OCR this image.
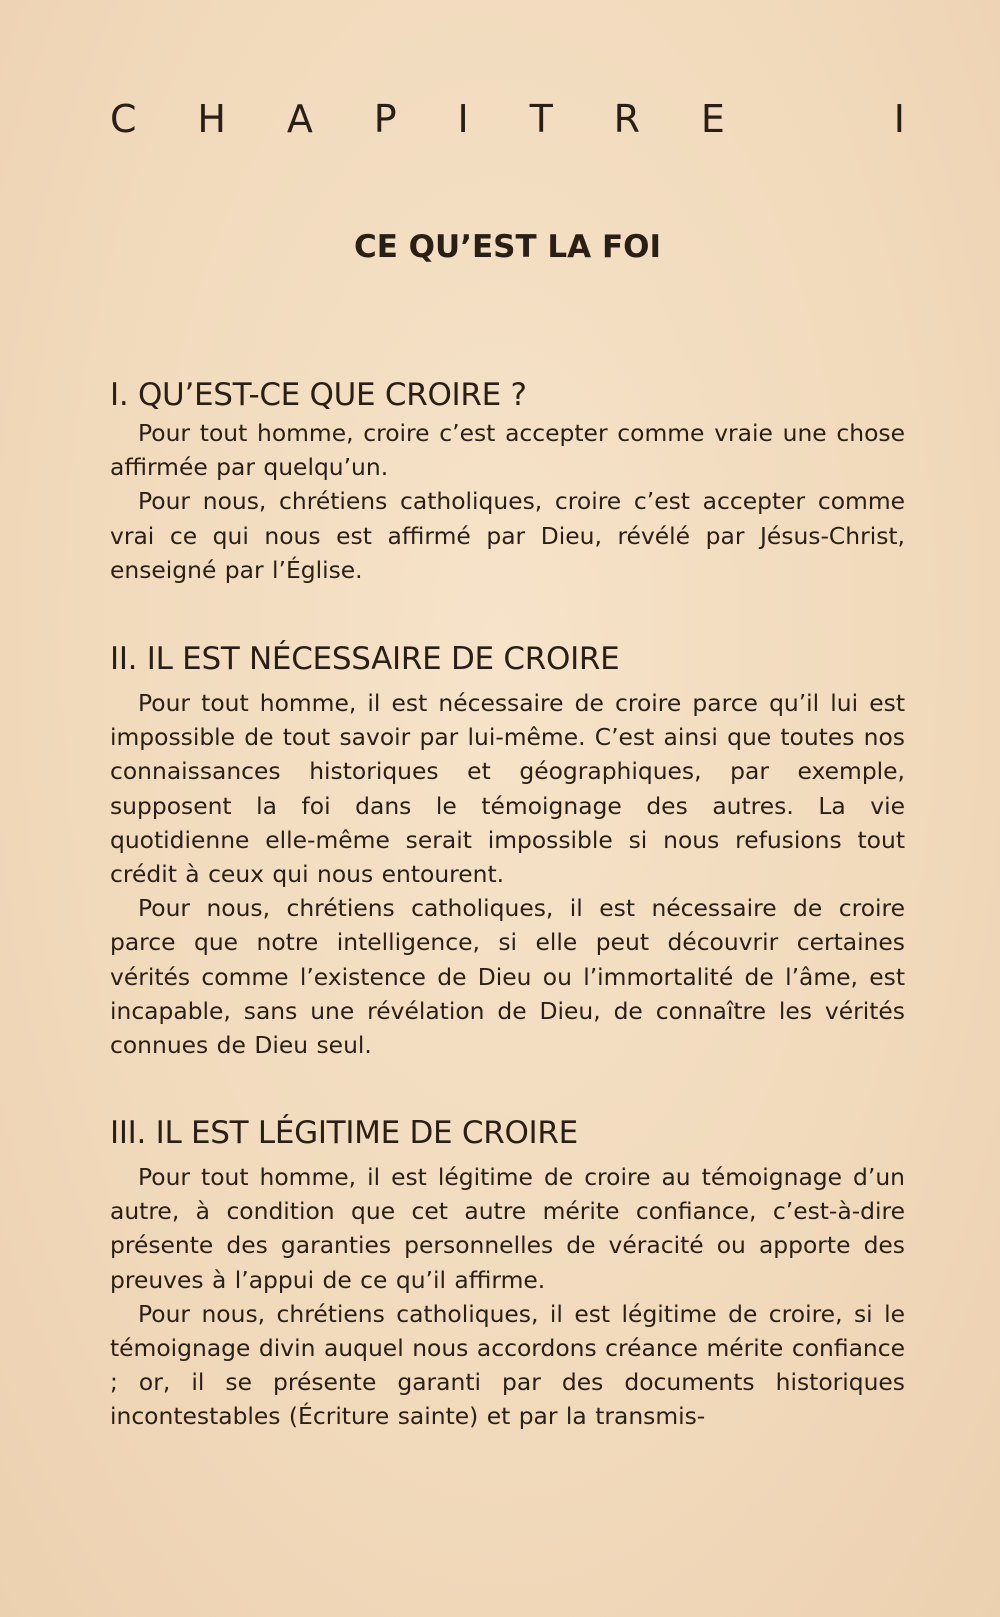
C H A P I T R E	I
CE QU’EST LA FOI
I. QU’EST-CE QUE CROIRE ?

Pour tout homme, croire c’est accepter comme vraie une chose affirmée par quelqu’un.

Pour nous, chrétiens catholiques, croire c’est accepter comme vrai ce qui nous est affirmé par Dieu, révélé par Jésus-Christ, enseigné par l’Église.

II. IL EST NÉCESSAIRE DE CROIRE

Pour tout homme, il est nécessaire de croire parce qu’il lui est impossible de tout savoir par lui-même. C’est ainsi que toutes nos connaissances historiques et géographiques, par exemple, supposent la foi dans le témoignage des autres. La vie quotidienne elle-même serait impossible si nous refusions tout crédit à ceux qui nous entourent.

Pour nous, chrétiens catholiques, il est nécessaire de croire parce que notre intelligence, si elle peut découvrir certaines vérités comme l’existence de Dieu ou l’immortalité de l’âme, est incapable, sans une révélation de Dieu, de connaître les vérités connues de Dieu seul.

III. IL EST LÉGITIME DE CROIRE

Pour tout homme, il est légitime de croire au témoignage d’un autre, à condition que cet autre mérite confiance, c’est-à-dire présente des garanties personnelles de véracité ou apporte des preuves à l’appui de ce qu’il affirme.

Pour nous, chrétiens catholiques, il est légitime de croire, si le témoignage divin auquel nous accordons créance mérite confiance ; or, il se présente garanti par des documents historiques incontestables (Écriture sainte) et par la transmis-
